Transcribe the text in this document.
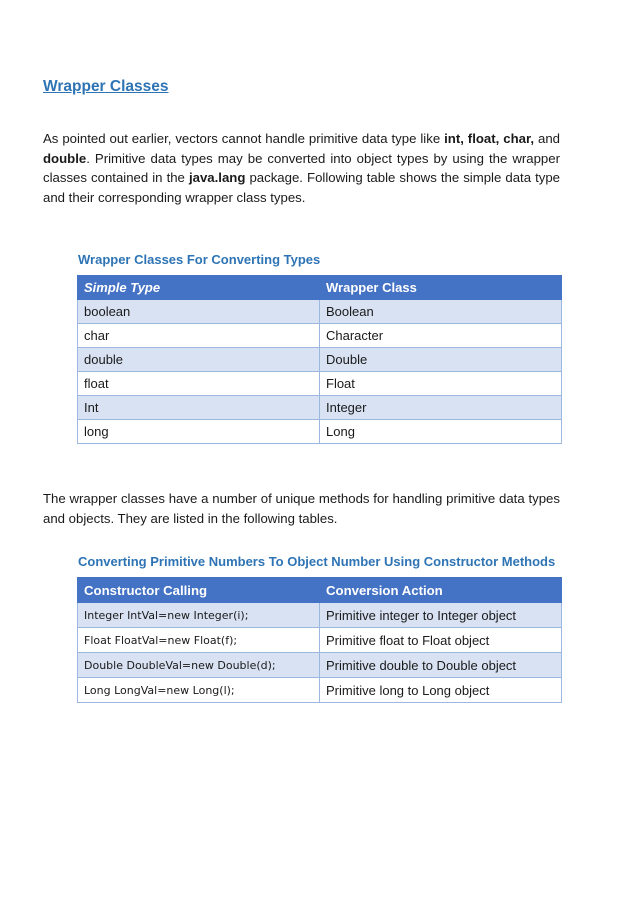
Wrapper Classes

As pointed out earlier, vectors cannot handle primitive data type like int, float, char, and double. Primitive data types may be converted into object types by using the wrapper classes contained in the java.lang package. Following table shows the simple data type and their corresponding wrapper class types.

Wrapper Classes For Converting Types

Simple Type	Wrapper Class
boolean	Boolean
char	Character
double	Double
float	Float
Int	Integer
long	Long

The wrapper classes have a number of unique methods for handling primitive data types and objects. They are listed in the following tables.

Converting Primitive Numbers To Object Number Using Constructor Methods

Constructor Calling	Conversion Action
Integer IntVal=new Integer(i);	Primitive integer to Integer object
Float FloatVal=new Float(f);	Primitive float to Float object
Double DoubleVal=new Double(d);	Primitive double to Double object
Long LongVal=new Long(l);	Primitive long to Long object
